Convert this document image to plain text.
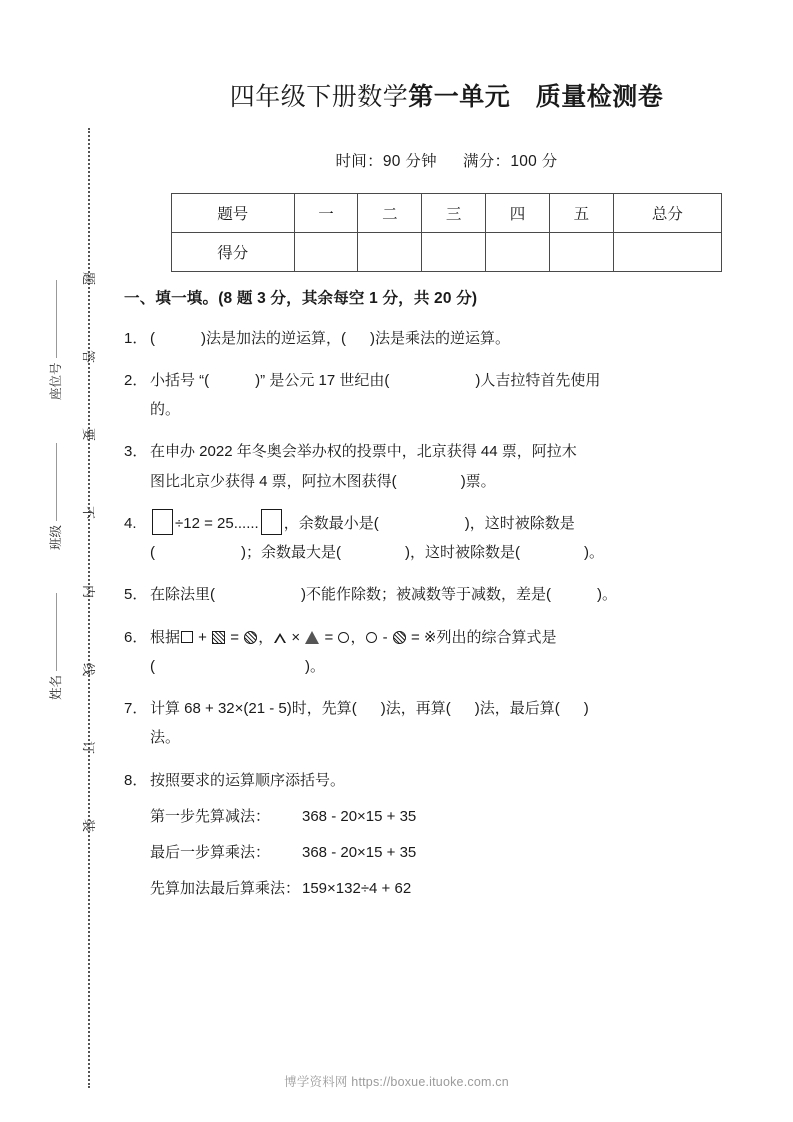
题
答
要
不
内
线
订
装
座位号
班级
姓名
四年级下册数学第一单元　质量检测卷
时间：90 分钟 满分：100 分
题号	一	二	三	四	五	总分
得分						
一、填一填。(8 题 3 分，其余每空 1 分，共 20 分)
1． (	)法是加法的逆运算，( )法是乘法的逆运算。
2． 小括号 “(	)” 是公元 17 世纪由(	)人吉拉特首先使用
的。
3． 在申办 2022 年冬奥会举办权的投票中，北京获得 44 票，阿拉木
图比北京少获得 4 票，阿拉木图获得(	)票。
4.	÷12 = 25...... ，余数最小是(	)，这时被除数是
(	)；余数最大是(	)，这时被除数是(	)。
5． 在除法里(	)不能作除数；被减数等于减数，差是(	)。
6． 根据 +  = ， ×  = ， -  = ※列出的综合算式是
(	)。
7． 计算 68 + 32×(21 - 5)时，先算( )法，再算( )法，最后算( )
法。
8． 按照要求的运算顺序添括号。
第一步先算减法：	368 - 20×15 + 35
最后一步算乘法：	368 - 20×15 + 35
先算加法最后算乘法： 159×132÷4 + 62
博学资料网 https://boxue.ituoke.com.cn
